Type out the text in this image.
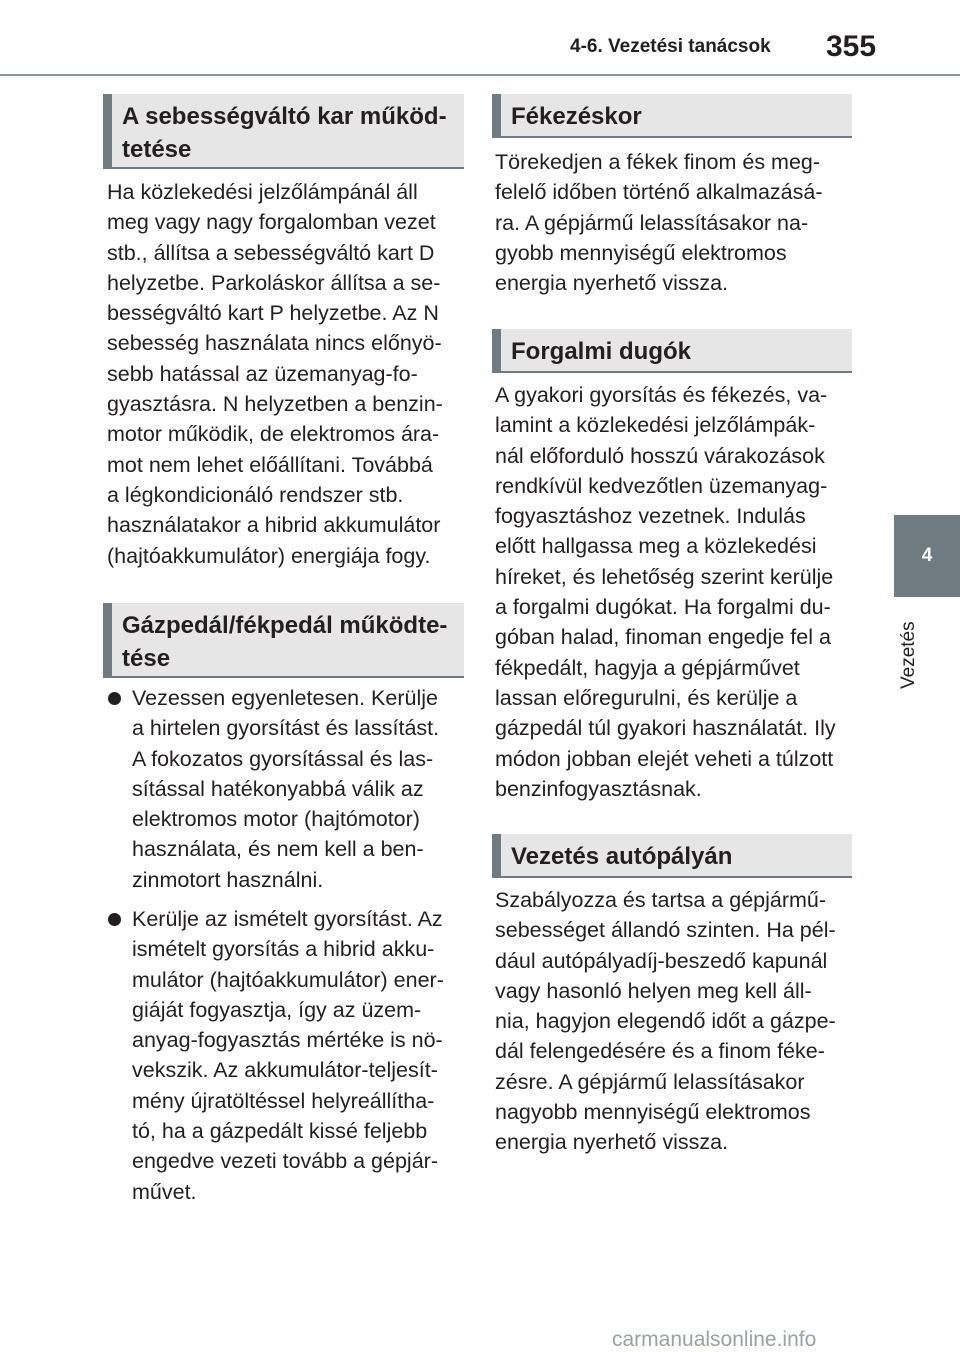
4-6. Vezetési tanácsok 355
4
Vezetés
A sebességváltó kar működ-
tetése
Ha közlekedési jelzőlámpánál áll
meg vagy nagy forgalomban vezet
stb., állítsa a sebességváltó kart D
helyzetbe. Parkoláskor állítsa a se-
bességváltó kart P helyzetbe. Az N
sebesség használata nincs előnyö-
sebb hatással az üzemanyag-fo-
gyasztásra. N helyzetben a benzin-
motor működik, de elektromos ára-
mot nem lehet előállítani. Továbbá
a légkondicionáló rendszer stb.
használatakor a hibrid akkumulátor
(hajtóakkumulátor) energiája fogy.
Gázpedál/fékpedál működte-
tése
Vezessen egyenletesen. Kerülje
a hirtelen gyorsítást és lassítást.
A fokozatos gyorsítással és las-
sítással hatékonyabbá válik az
elektromos motor (hajtómotor)
használata, és nem kell a ben-
zinmotort használni.
Kerülje az ismételt gyorsítást. Az
ismételt gyorsítás a hibrid akku-
mulátor (hajtóakkumulátor) ener-
giáját fogyasztja, így az üzem-
anyag-fogyasztás mértéke is nö-
vekszik. Az akkumulátor-teljesít-
mény újratöltéssel helyreállítha-
tó, ha a gázpedált kissé feljebb
engedve vezeti tovább a gépjár-
művet.
Fékezéskor
Törekedjen a fékek finom és meg-
felelő időben történő alkalmazásá-
ra. A gépjármű lelassításakor na-
gyobb mennyiségű elektromos
energia nyerhető vissza.
Forgalmi dugók
A gyakori gyorsítás és fékezés, va-
lamint a közlekedési jelzőlámpák-
nál előforduló hosszú várakozások
rendkívül kedvezőtlen üzemanyag-
fogyasztáshoz vezetnek. Indulás
előtt hallgassa meg a közlekedési
híreket, és lehetőség szerint kerülje
a forgalmi dugókat. Ha forgalmi du-
góban halad, finoman engedje fel a
fékpedált, hagyja a gépjárművet
lassan előregurulni, és kerülje a
gázpedál túl gyakori használatát. Ily
módon jobban elejét veheti a túlzott
benzinfogyasztásnak.
Vezetés autópályán
Szabályozza és tartsa a gépjármű-
sebességet állandó szinten. Ha pél-
dául autópályadíj-beszedő kapunál
vagy hasonló helyen meg kell áll-
nia, hagyjon elegendő időt a gázpe-
dál felengedésére és a finom féke-
zésre. A gépjármű lelassításakor
nagyobb mennyiségű elektromos
energia nyerhető vissza.
carmanualsonline.info
